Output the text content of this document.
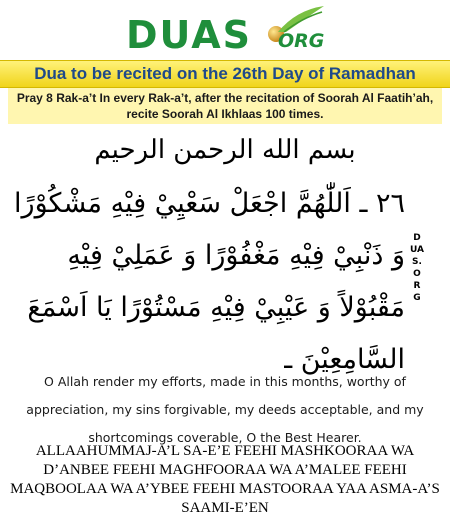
DUAS ORG
Dua to be recited on the 26th Day of Ramadhan
Pray 8 Rak-a’t In every Rak-a’t, after the recitation of Soorah Al Faatih’ah, recite Soorah Al Ikhlaas 100 times.
بسم الله الرحمن الرحيم
٢٦ ـ اَللّٰهُمَّ اجْعَلْ سَعْيِيْ فِيْهِ مَشْكُوْرًا وَ ذَنْبِيْ فِيْهِ مَغْفُوْرًا وَ عَمَلِيْ فِيْهِ مَقْبُوْلاً وَ عَيْبِيْ فِيْهِ مَسْتُوْرًا يَا اَسْمَعَ السَّامِعِيْنَ ـ
DUAS.ORG
O Allah render my efforts, made in this months, worthy of appreciation, my sins forgivable, my deeds acceptable, and my shortcomings coverable, O the Best Hearer.
ALLAAHUMMAJ-A’L SA-E’E FEEHI MASHKOORAA WA D’ANBEE FEEHI MAGHFOORAA WA A’MALEE FEEHI MAQBOOLAA WA A’YBEE FEEHI MASTOORAA YAA ASMA-A’S SAAMI-E’EN
